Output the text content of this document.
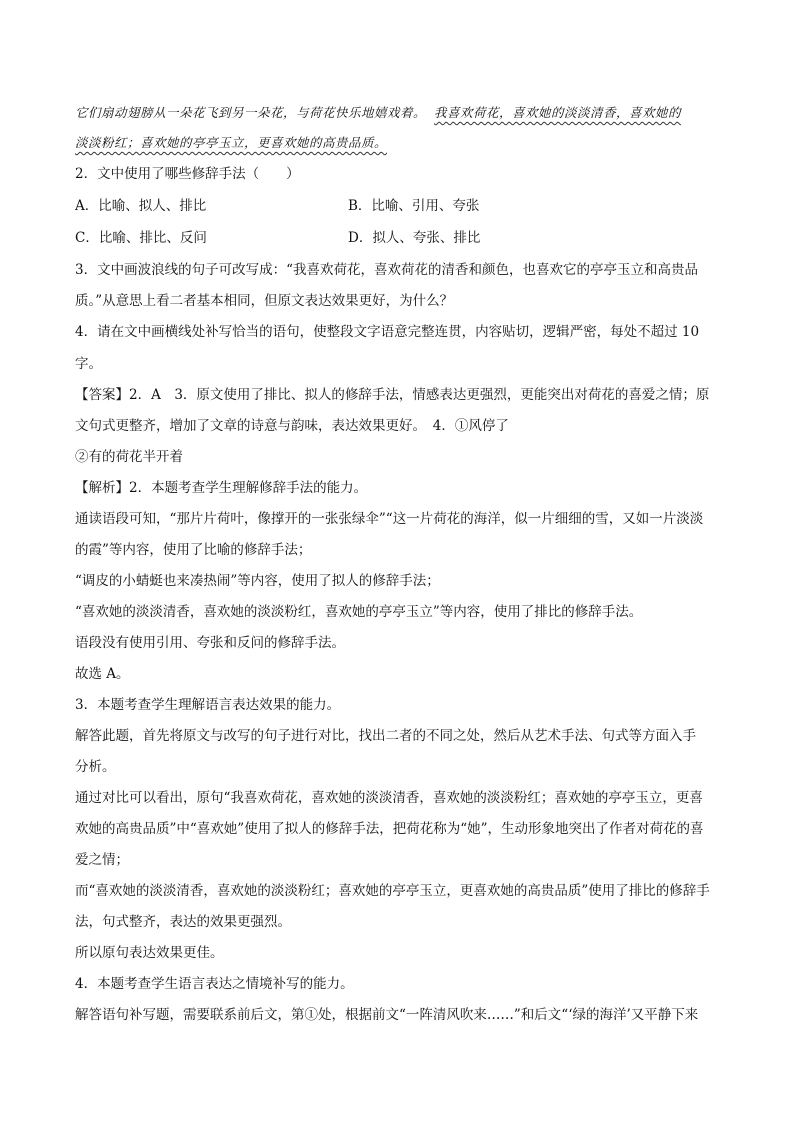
它们扇动翅膀从一朵花飞到另一朵花，与荷花快乐地嬉戏着。 我喜欢荷花，喜欢她的淡淡清香，喜欢她的
淡淡粉红；喜欢她的亭亭玉立，更喜欢她的高贵品质。
2．文中使用了哪些修辞手法（　　）
A．比喻、拟人、排比	B．比喻、引用、夸张
C．比喻、排比、反问	D．拟人、夸张、排比
3．文中画波浪线的句子可改写成：“我喜欢荷花，喜欢荷花的清香和颜色，也喜欢它的亭亭玉立和高贵品
质。”从意思上看二者基本相同，但原文表达效果更好，为什么？
4．请在文中画横线处补写恰当的语句，使整段文字语意完整连贯，内容贴切，逻辑严密，每处不超过 10
字。
【答案】2．A　3．原文使用了排比、拟人的修辞手法，情感表达更强烈，更能突出对荷花的喜爱之情；原
文句式更整齐，增加了文章的诗意与韵味，表达效果更好。　4．①风停了
②有的荷花半开着
【解析】2．本题考查学生理解修辞手法的能力。
通读语段可知，“那片片荷叶，像撑开的一张张绿伞”“这一片荷花的海洋，似一片细细的雪，又如一片淡淡
的霞”等内容，使用了比喻的修辞手法；
“调皮的小蜻蜓也来凑热闹”等内容，使用了拟人的修辞手法；
“喜欢她的淡淡清香，喜欢她的淡淡粉红，喜欢她的亭亭玉立”等内容，使用了排比的修辞手法。
语段没有使用引用、夸张和反问的修辞手法。
故选 A。
3．本题考查学生理解语言表达效果的能力。
解答此题，首先将原文与改写的句子进行对比，找出二者的不同之处，然后从艺术手法、句式等方面入手
分析。
通过对比可以看出，原句“我喜欢荷花，喜欢她的淡淡清香，喜欢她的淡淡粉红；喜欢她的亭亭玉立，更喜
欢她的高贵品质”中“喜欢她”使用了拟人的修辞手法，把荷花称为“她”，生动形象地突出了作者对荷花的喜
爱之情；
而“喜欢她的淡淡清香，喜欢她的淡淡粉红；喜欢她的亭亭玉立，更喜欢她的高贵品质”使用了排比的修辞手
法，句式整齐，表达的效果更强烈。
所以原句表达效果更佳。
4．本题考查学生语言表达之情境补写的能力。
解答语句补写题，需要联系前后文，第①处，根据前文“一阵清风吹来……”和后文“‘绿的海洋’又平静下来
